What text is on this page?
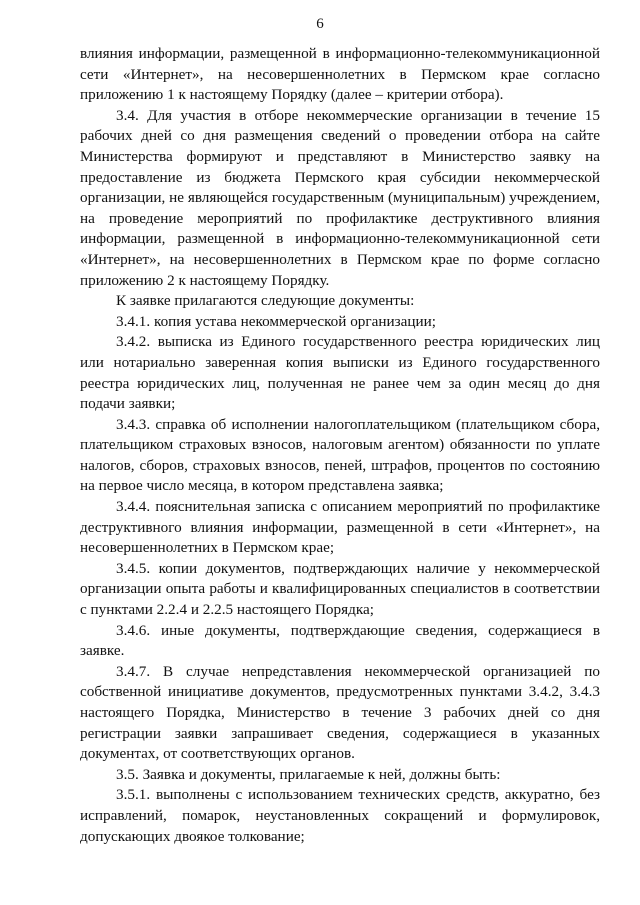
6

влияния информации, размещенной в информационно-телекоммуникационной сети «Интернет», на несовершеннолетних в Пермском крае согласно приложению 1 к настоящему Порядку (далее – критерии отбора).

3.4. Для участия в отборе некоммерческие организации в течение 15 рабочих дней со дня размещения сведений о проведении отбора на сайте Министерства формируют и представляют в Министерство заявку на предоставление из бюджета Пермского края субсидии некоммерческой организации, не являющейся государственным (муниципальным) учреждением, на проведение мероприятий по профилактике деструктивного влияния информации, размещенной в информационно-телекоммуникационной сети «Интернет», на несовершеннолетних в Пермском крае по форме согласно приложению 2 к настоящему Порядку.

К заявке прилагаются следующие документы:

3.4.1. копия устава некоммерческой организации;

3.4.2. выписка из Единого государственного реестра юридических лиц или нотариально заверенная копия выписки из Единого государственного реестра юридических лиц, полученная не ранее чем за один месяц до дня подачи заявки;

3.4.3. справка об исполнении налогоплательщиком (плательщиком сбора, плательщиком страховых взносов, налоговым агентом) обязанности по уплате налогов, сборов, страховых взносов, пеней, штрафов, процентов по состоянию на первое число месяца, в котором представлена заявка;

3.4.4. пояснительная записка с описанием мероприятий по профилактике деструктивного влияния информации, размещенной в сети «Интернет», на несовершеннолетних в Пермском крае;

3.4.5. копии документов, подтверждающих наличие у некоммерческой организации опыта работы и квалифицированных специалистов в соответствии с пунктами 2.2.4 и 2.2.5 настоящего Порядка;

3.4.6. иные документы, подтверждающие сведения, содержащиеся в заявке.

3.4.7. В случае непредставления некоммерческой организацией по собственной инициативе документов, предусмотренных пунктами 3.4.2, 3.4.3 настоящего Порядка, Министерство в течение 3 рабочих дней со дня регистрации заявки запрашивает сведения, содержащиеся в указанных документах, от соответствующих органов.

3.5. Заявка и документы, прилагаемые к ней, должны быть:

3.5.1. выполнены с использованием технических средств, аккуратно, без исправлений, помарок, неустановленных сокращений и формулировок, допускающих двоякое толкование;
